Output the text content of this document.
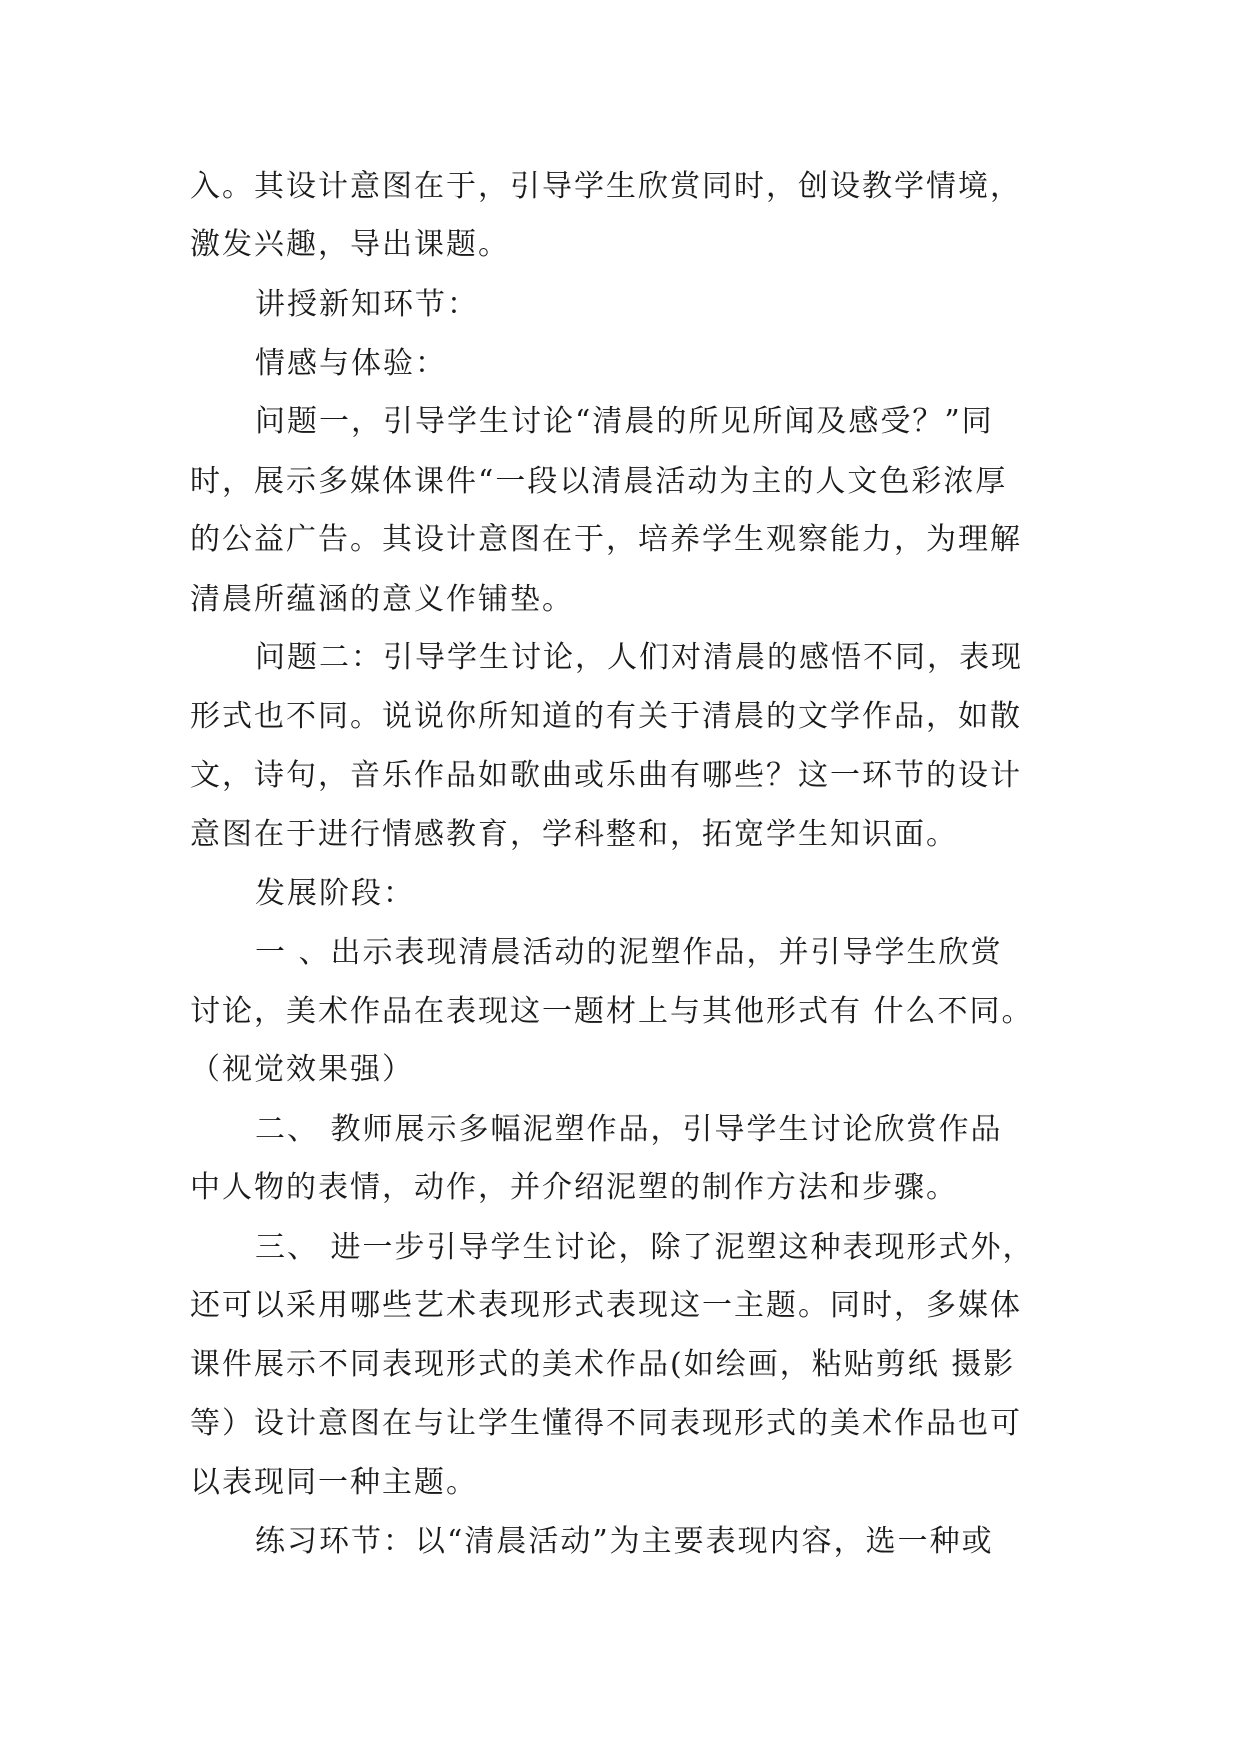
入。其设计意图在于，引导学生欣赏同时，创设教学情境，
激发兴趣，导出课题。
讲授新知环节：
情感与体验：
问题一，引导学生讨论“清晨的所见所闻及感受？”同
时，展示多媒体课件“一段以清晨活动为主的人文色彩浓厚
的公益广告。其设计意图在于，培养学生观察能力，为理解
清晨所蕴涵的意义作铺垫。
问题二：引导学生讨论，人们对清晨的感悟不同，表现
形式也不同。说说你所知道的有关于清晨的文学作品，如散
文，诗句，音乐作品如歌曲或乐曲有哪些？这一环节的设计
意图在于进行情感教育，学科整和，拓宽学生知识面。
发展阶段：
一 、出示表现清晨活动的泥塑作品，并引导学生欣赏
讨论，美术作品在表现这一题材上与其他形式有 什么不同。
（视觉效果强）
二、 教师展示多幅泥塑作品，引导学生讨论欣赏作品
中人物的表情，动作，并介绍泥塑的制作方法和步骤。
三、 进一步引导学生讨论，除了泥塑这种表现形式外，
还可以采用哪些艺术表现形式表现这一主题。同时，多媒体
课件展示不同表现形式的美术作品(如绘画，粘贴剪纸 摄影
等）设计意图在与让学生懂得不同表现形式的美术作品也可
以表现同一种主题。
练习环节：以“清晨活动”为主要表现内容，选一种或
